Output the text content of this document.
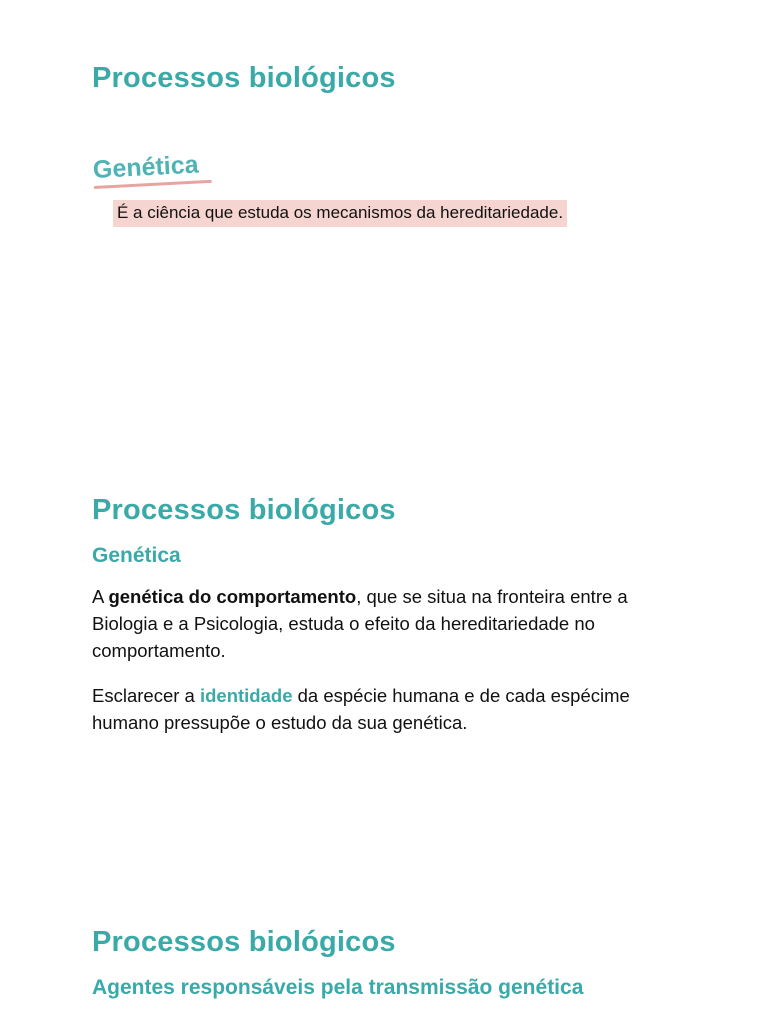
Processos biológicos
Genética
É a ciência que estuda os mecanismos da hereditariedade.
Processos biológicos
Genética

A genética do comportamento, que se situa na fronteira entre a Biologia e a Psicologia, estuda o efeito da hereditariedade no comportamento.

Esclarecer a identidade da espécie humana e de cada espécime humano pressupõe o estudo da sua genética.

Processos biológicos
Agentes responsáveis pela transmissão genética
